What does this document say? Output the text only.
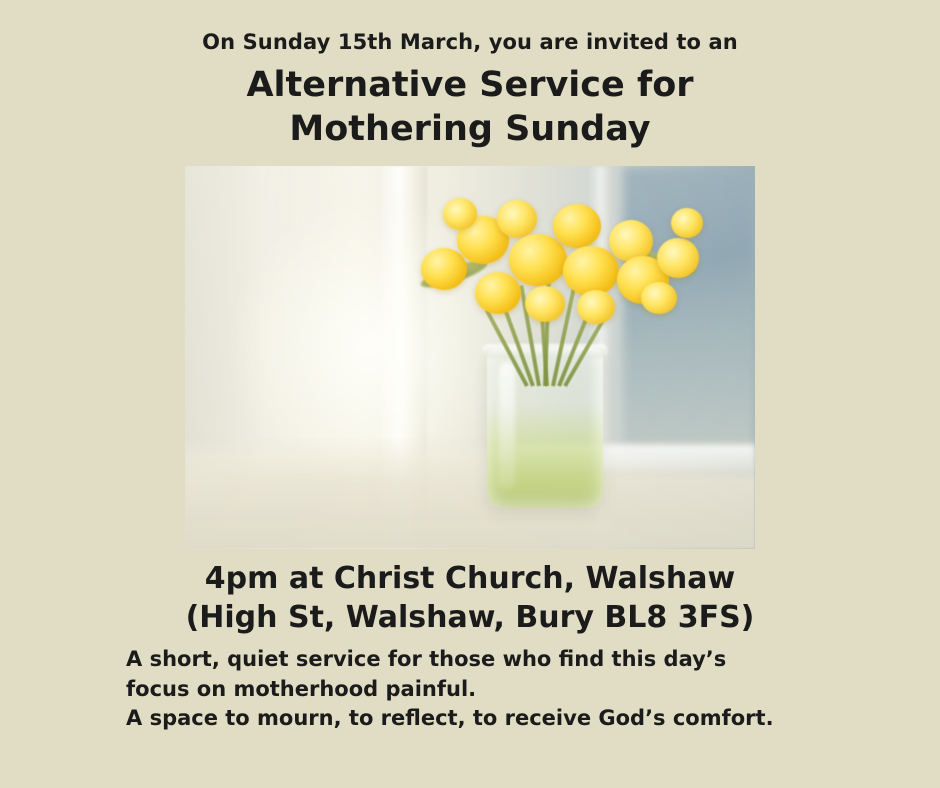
On Sunday 15th March, you are invited to an
Alternative Service for
Mothering Sunday
4pm at Christ Church, Walshaw
(High St, Walshaw, Bury BL8 3FS)
A short, quiet service for those who find this day’s
focus on motherhood painful.
A space to mourn, to reflect, to receive God’s comfort.
